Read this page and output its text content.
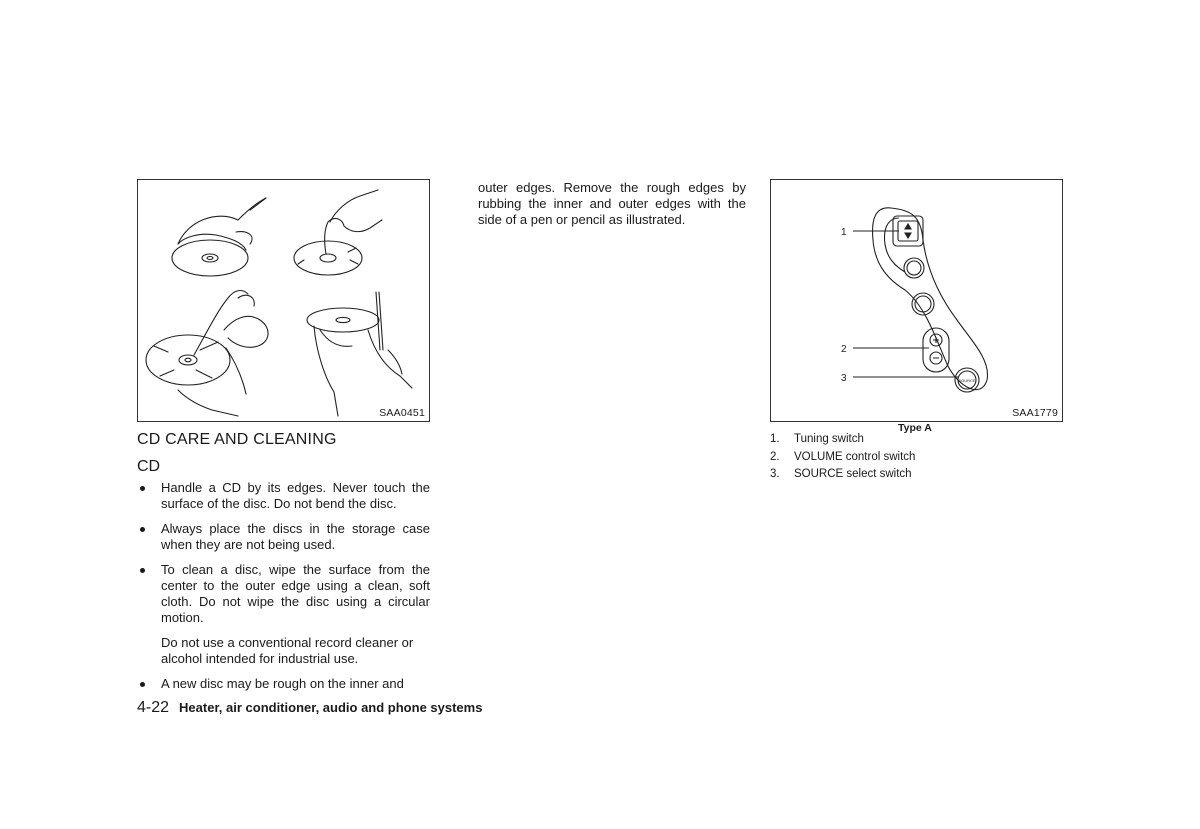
SAA0451
1
2
3	SOURCE
SAA1779
Type A
CD CARE AND CLEANING
CD
Handle a CD by its edges. Never touch the surface of the disc. Do not bend the disc.
Always place the discs in the storage case when they are not being used.
To clean a disc, wipe the surface from the center to the outer edge using a clean, soft cloth. Do not wipe the disc using a circular motion.
Do not use a conventional record cleaner or alcohol intended for industrial use.
A new disc may be rough on the inner and
outer edges. Remove the rough edges by rubbing the inner and outer edges with the side of a pen or pencil as illustrated.
1. Tuning switch
2. VOLUME control switch
3. SOURCE select switch
4-22 Heater, air conditioner, audio and phone systems
